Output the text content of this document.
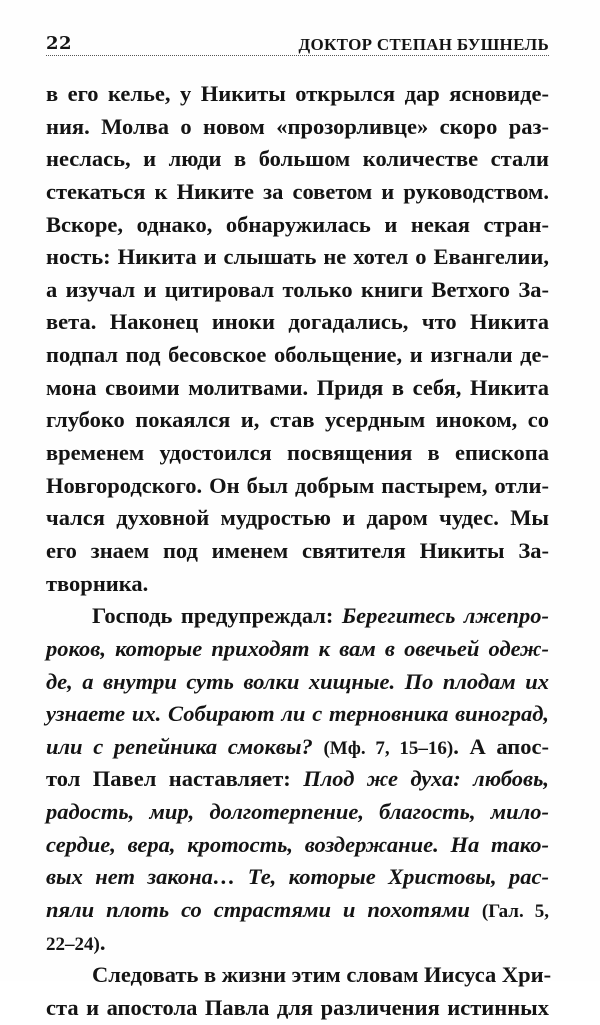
22	ДОКТОР СТЕПАН БУШНЕЛЬ
в его келье, у Никиты открылся дар ясновиде-
ния. Молва о новом «прозорливце» скоро раз-
неслась, и люди в большом количестве стали
стекаться к Никите за советом и руководством.
Вскоре, однако, обнаружилась и некая стран-
ность: Никита и слышать не хотел о Евангелии,
а изучал и цитировал только книги Ветхого За-
вета. Наконец иноки догадались, что Никита
подпал под бесовское обольщение, и изгнали де-
мона своими молитвами. Придя в себя, Никита
глубоко покаялся и, став усердным иноком, со
временем удостоился посвящения в епископа
Новгородского. Он был добрым пастырем, отли-
чался духовной мудростью и даром чудес. Мы
его знаем под именем святителя Никиты За-
творника.
Господь предупреждал: Берегитесь лжепро-
роков, которые приходят к вам в овечьей одеж-
де, а внутри суть волки хищные. По плодам их
узнаете их. Собирают ли с терновника виноград,
или с репейника смоквы? (Мф. 7, 15–16). А апос-
тол Павел наставляет: Плод же духа: любовь,
радость, мир, долготерпение, благость, мило-
сердие, вера, кротость, воздержание. На тако-
вых нет закона… Те, которые Христовы, рас-
пяли плоть со страстями и похотями (Гал. 5,
22–24).
Следовать в жизни этим словам Иисуса Хри-
ста и апостола Павла для различения истинных
